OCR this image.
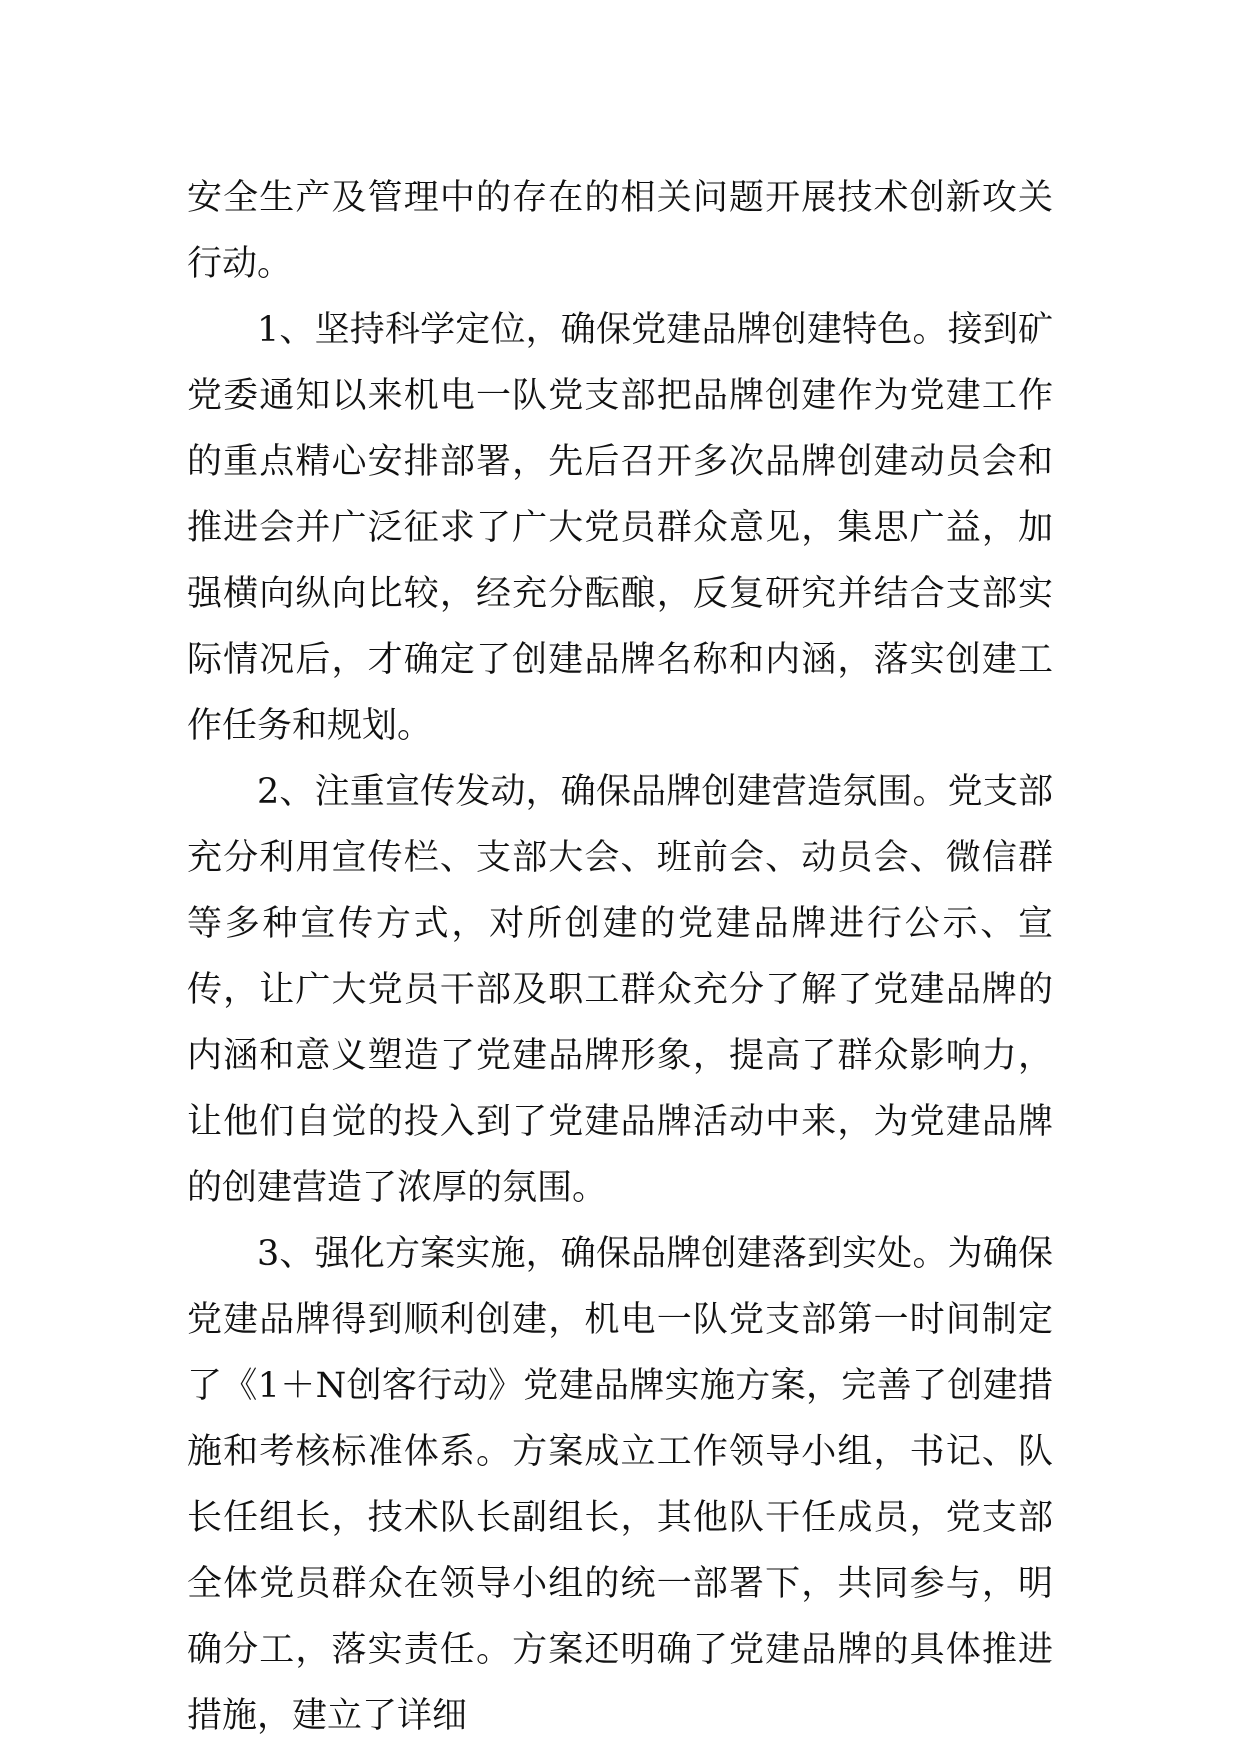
安全生产及管理中的存在的相关问题开展技术创新攻关行动。

1、坚持科学定位，确保党建品牌创建特色。接到矿党委通知以来机电一队党支部把品牌创建作为党建工作的重点精心安排部署，先后召开多次品牌创建动员会和推进会并广泛征求了广大党员群众意见，集思广益，加强横向纵向比较，经充分酝酿，反复研究并结合支部实际情况后，才确定了创建品牌名称和内涵，落实创建工作任务和规划。

2、注重宣传发动，确保品牌创建营造氛围。党支部充分利用宣传栏、支部大会、班前会、动员会、微信群等多种宣传方式，对所创建的党建品牌进行公示、宣传，让广大党员干部及职工群众充分了解了党建品牌的内涵和意义塑造了党建品牌形象，提高了群众影响力，让他们自觉的投入到了党建品牌活动中来，为党建品牌的创建营造了浓厚的氛围。

3、强化方案实施，确保品牌创建落到实处。为确保党建品牌得到顺利创建，机电一队党支部第一时间制定了《1＋N创客行动》党建品牌实施方案，完善了创建措施和考核标准体系。方案成立工作领导小组，书记、队长任组长，技术队长副组长，其他队干任成员，党支部全体党员群众在领导小组的统一部署下，共同参与，明确分工，落实责任。方案还明确了党建品牌的具体推进措施，建立了详细
